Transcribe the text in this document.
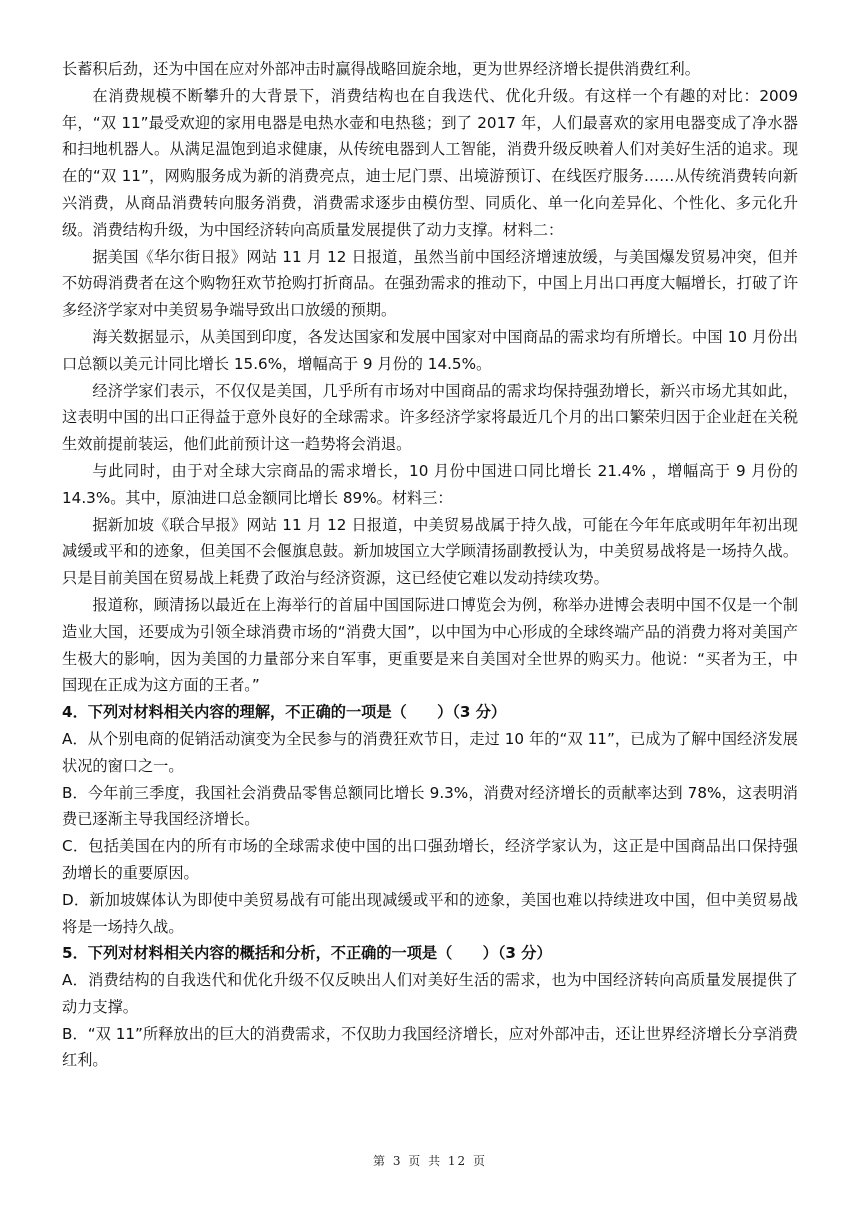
长蓄积后劲，还为中国在应对外部冲击时赢得战略回旋余地，更为世界经济增长提供消费红利。

在消费规模不断攀升的大背景下，消费结构也在自我迭代、优化升级。有这样一个有趣的对比：2009 年，“双 11”最受欢迎的家用电器是电热水壶和电热毯；到了 2017 年，人们最喜欢的家用电器变成了净水器和扫地机器人。从满足温饱到追求健康，从传统电器到人工智能，消费升级反映着人们对美好生活的追求。现在的“双 11”，网购服务成为新的消费亮点，迪士尼门票、出境游预订、在线医疗服务……从传统消费转向新兴消费，从商品消费转向服务消费，消费需求逐步由模仿型、同质化、单一化向差异化、个性化、多元化升级。消费结构升级，为中国经济转向高质量发展提供了动力支撑。材料二：

据美国《华尔街日报》网站 11 月 12 日报道，虽然当前中国经济增速放缓，与美国爆发贸易冲突，但并不妨碍消费者在这个购物狂欢节抢购打折商品。在强劲需求的推动下，中国上月出口再度大幅增长，打破了许多经济学家对中美贸易争端导致出口放缓的预期。

海关数据显示，从美国到印度，各发达国家和发展中国家对中国商品的需求均有所增长。中国 10 月份出口总额以美元计同比增长 15.6%，增幅高于 9 月份的 14.5%。

经济学家们表示，不仅仅是美国，几乎所有市场对中国商品的需求均保持强劲增长，新兴市场尤其如此，这表明中国的出口正得益于意外良好的全球需求。许多经济学家将最近几个月的出口繁荣归因于企业赶在关税生效前提前装运，他们此前预计这一趋势将会消退。

与此同时，由于对全球大宗商品的需求增长，10 月份中国进口同比增长 21.4% ，增幅高于 9 月份的 14.3%。其中，原油进口总金额同比增长 89%。材料三：

据新加坡《联合早报》网站 11 月 12 日报道，中美贸易战属于持久战，可能在今年年底或明年年初出现减缓或平和的迹象，但美国不会偃旗息鼓。新加坡国立大学顾清扬副教授认为，中美贸易战将是一场持久战。只是目前美国在贸易战上耗费了政治与经济资源，这已经使它难以发动持续攻势。

报道称，顾清扬以最近在上海举行的首届中国国际进口博览会为例，称举办进博会表明中国不仅是一个制造业大国，还要成为引领全球消费市场的“消费大国”，以中国为中心形成的全球终端产品的消费力将对美国产生极大的影响，因为美国的力量部分来自军事，更重要是来自美国对全世界的购买力。他说：“买者为王，中国现在正成为这方面的王者。”

4．下列对材料相关内容的理解，不正确的一项是（　　）（3 分）

A．从个别电商的促销活动演变为全民参与的消费狂欢节日，走过 10 年的“双 11”，已成为了解中国经济发展状况的窗口之一。

B．今年前三季度，我国社会消费品零售总额同比增长 9.3%，消费对经济增长的贡献率达到 78%，这表明消费已逐渐主导我国经济增长。

C．包括美国在内的所有市场的全球需求使中国的出口强劲增长，经济学家认为，这正是中国商品出口保持强劲增长的重要原因。

D．新加坡媒体认为即使中美贸易战有可能出现减缓或平和的迹象，美国也难以持续进攻中国，但中美贸易战将是一场持久战。

5．下列对材料相关内容的概括和分析，不正确的一项是（　　）（3 分）

A．消费结构的自我迭代和优化升级不仅反映出人们对美好生活的需求，也为中国经济转向高质量发展提供了动力支撑。

B．“双 11”所释放出的巨大的消费需求，不仅助力我国经济增长，应对外部冲击，还让世界经济增长分享消费红利。

第 3 页 共 12 页
